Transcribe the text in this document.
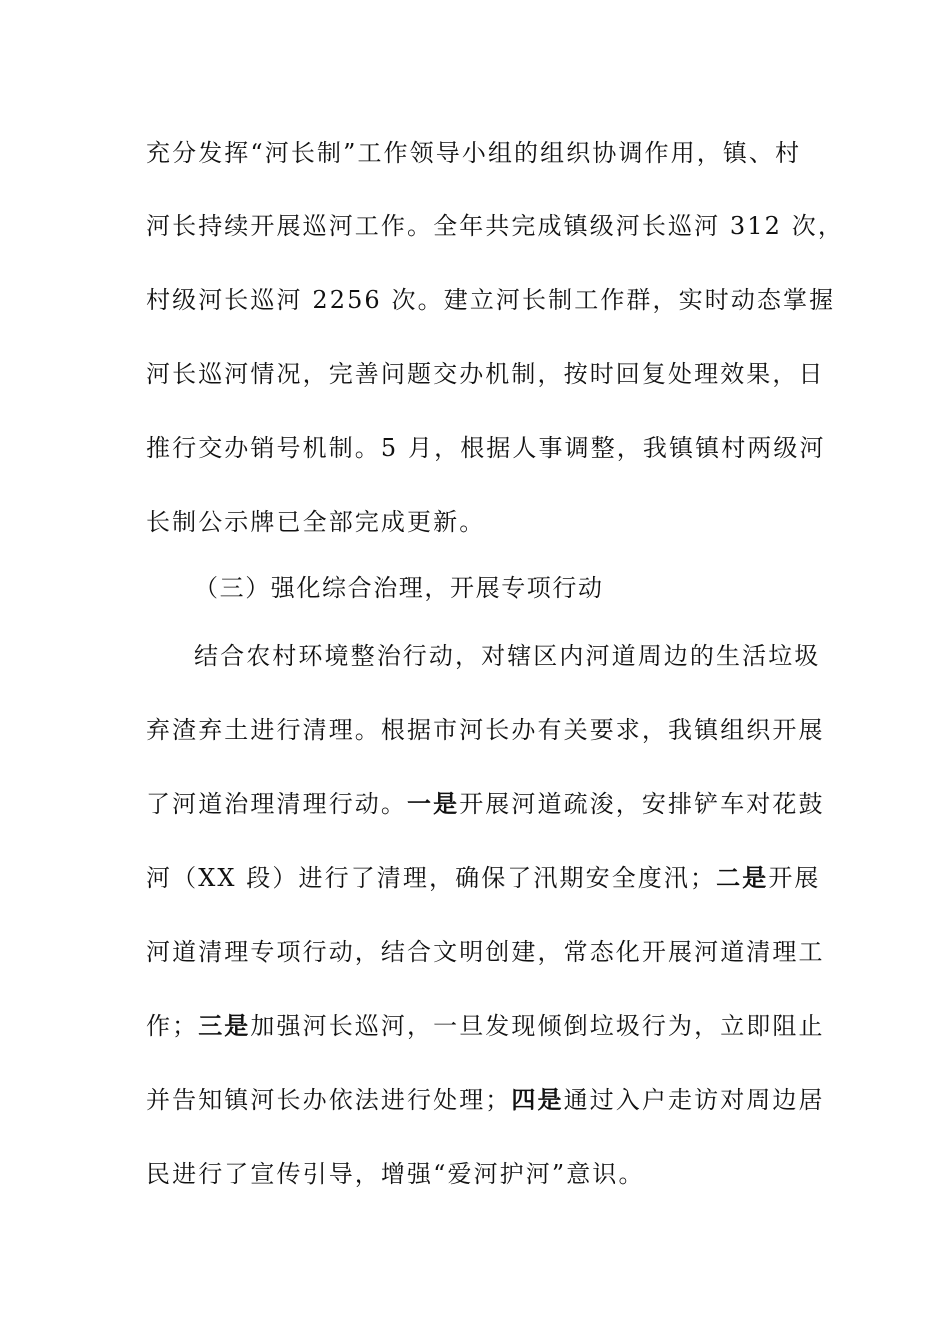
充分发挥“河长制”工作领导小组的组织协调作用，镇、村
河长持续开展巡河工作。全年共完成镇级河长巡河 312 次，
村级河长巡河 2256 次。建立河长制工作群，实时动态掌握
河长巡河情况，完善问题交办机制，按时回复处理效果，日
推行交办销号机制。5 月，根据人事调整，我镇镇村两级河
长制公示牌已全部完成更新。
（三）强化综合治理，开展专项行动
结合农村环境整治行动，对辖区内河道周边的生活垃圾
弃渣弃土进行清理。根据市河长办有关要求，我镇组织开展
了河道治理清理行动。一是开展河道疏浚，安排铲车对花鼓
河（XX 段）进行了清理，确保了汛期安全度汛；二是开展
河道清理专项行动，结合文明创建，常态化开展河道清理工
作；三是加强河长巡河，一旦发现倾倒垃圾行为，立即阻止
并告知镇河长办依法进行处理；四是通过入户走访对周边居
民进行了宣传引导，增强“爱河护河”意识。
